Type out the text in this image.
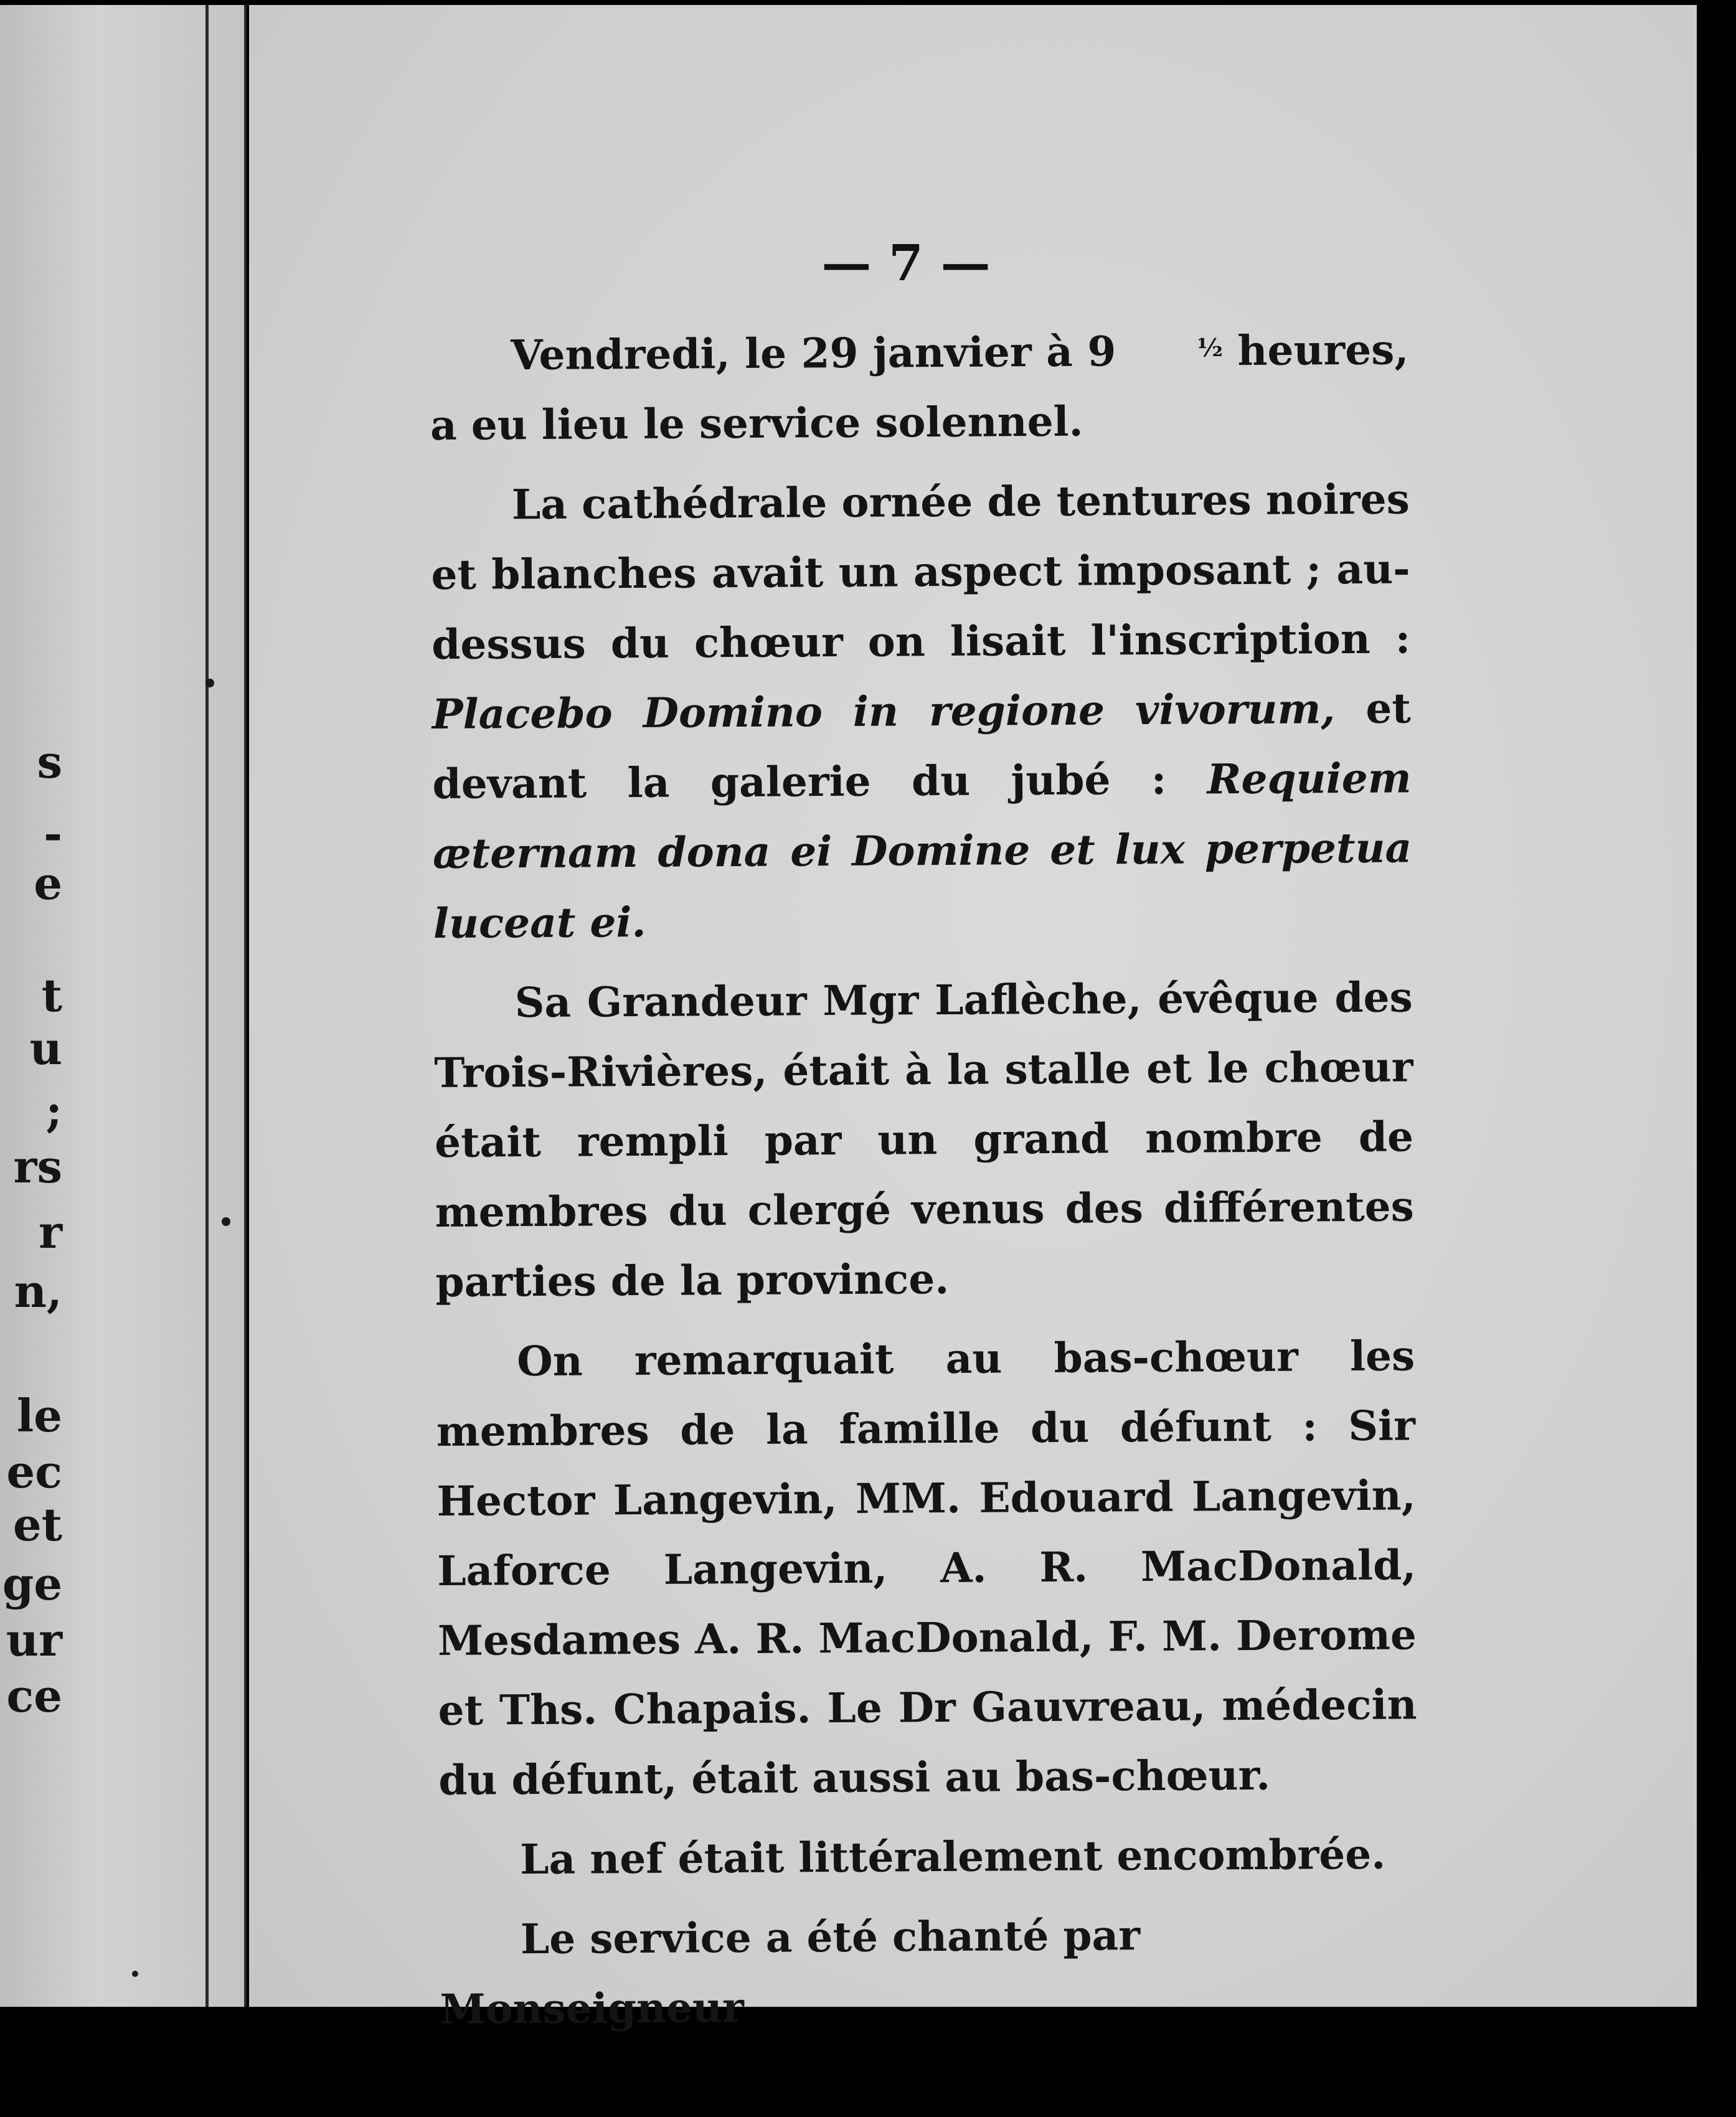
s
-
e
t
u
;
rs
r
n,
le
ec
et
ge
ur
ce

— 7 —

Vendredi, le 29 janvier à 9	½ heures, a eu lieu le service solennel.

La cathédrale ornée de tentures noires et blanches avait un aspect imposant ; au-dessus du chœur on lisait l'inscription : Placebo Domino in regione vivorum, et devant la galerie du jubé : Requiem æternam dona ei Domine et lux perpetua luceat ei.

Sa Grandeur Mgr Laflèche, évêque des Trois-Rivières, était à la stalle et le chœur était rempli par un grand nombre de membres du clergé venus des différentes parties de la province.

On remarquait au bas-chœur les membres de la famille du défunt : Sir Hector Langevin, MM. Edouard Langevin, Laforce Langevin, A. R. MacDonald, Mesdames A. R. MacDonald, F. M. Derome et Ths. Chapais. Le Dr Gauvreau, médecin du défunt, était aussi au bas-chœur.

La nef était littéralement encombrée.

Le service a été chanté par Monseigneur
